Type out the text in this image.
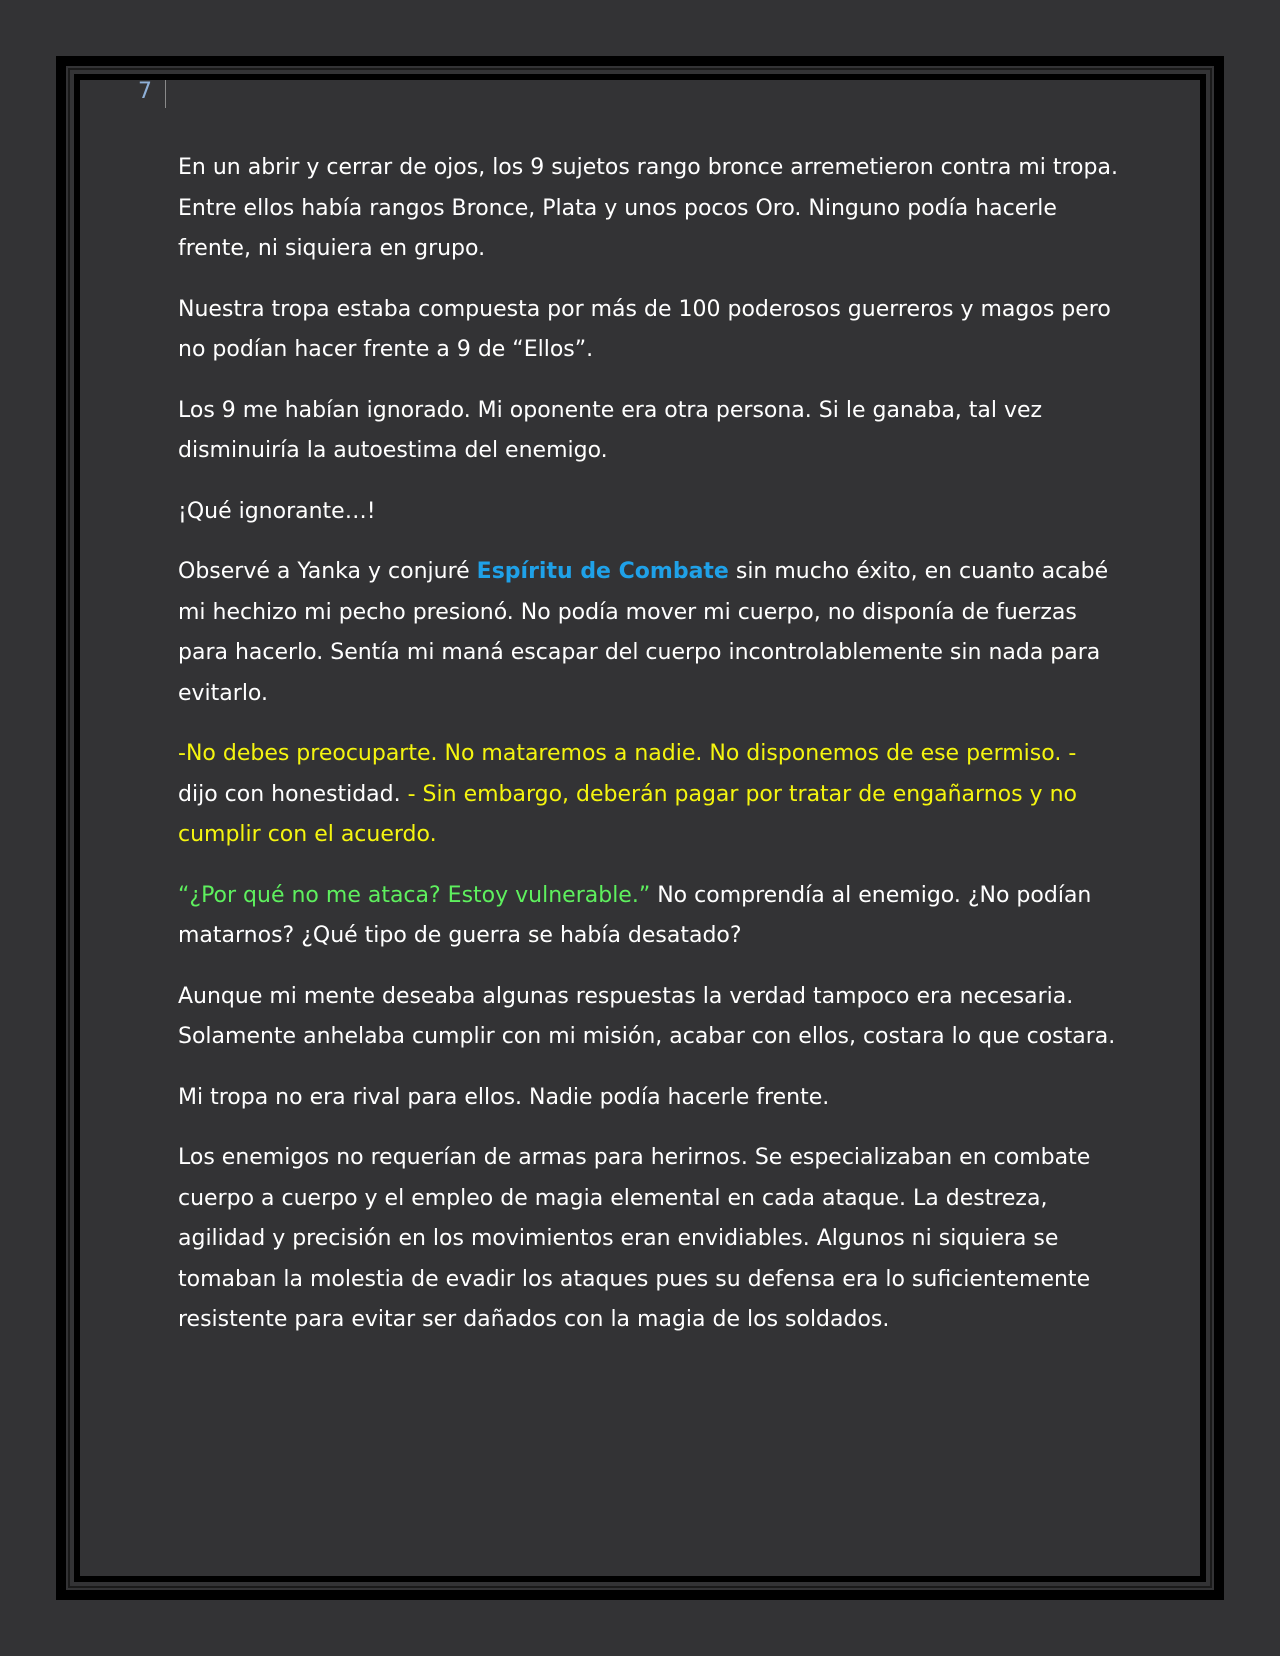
7

En un abrir y cerrar de ojos, los 9 sujetos rango bronce arremetieron contra mi tropa. Entre ellos había rangos Bronce, Plata y unos pocos Oro. Ninguno podía hacerle frente, ni siquiera en grupo.

Nuestra tropa estaba compuesta por más de 100 poderosos guerreros y magos pero no podían hacer frente a 9 de “Ellos”.

Los 9 me habían ignorado. Mi oponente era otra persona. Si le ganaba, tal vez disminuiría la autoestima del enemigo.

¡Qué ignorante…!

Observé a Yanka y conjuré Espíritu de Combate sin mucho éxito, en cuanto acabé mi hechizo mi pecho presionó. No podía mover mi cuerpo, no disponía de fuerzas para hacerlo. Sentía mi maná escapar del cuerpo incontrolablemente sin nada para evitarlo.

-No debes preocuparte. No mataremos a nadie. No disponemos de ese permiso. - dijo con honestidad. - Sin embargo, deberán pagar por tratar de engañarnos y no cumplir con el acuerdo.

“¿Por qué no me ataca? Estoy vulnerable.” No comprendía al enemigo. ¿No podían matarnos? ¿Qué tipo de guerra se había desatado?

Aunque mi mente deseaba algunas respuestas la verdad tampoco era necesaria. Solamente anhelaba cumplir con mi misión, acabar con ellos, costara lo que costara.

Mi tropa no era rival para ellos. Nadie podía hacerle frente.

Los enemigos no requerían de armas para herirnos. Se especializaban en combate cuerpo a cuerpo y el empleo de magia elemental en cada ataque. La destreza, agilidad y precisión en los movimientos eran envidiables. Algunos ni siquiera se tomaban la molestia de evadir los ataques pues su defensa era lo suficientemente resistente para evitar ser dañados con la magia de los soldados.
